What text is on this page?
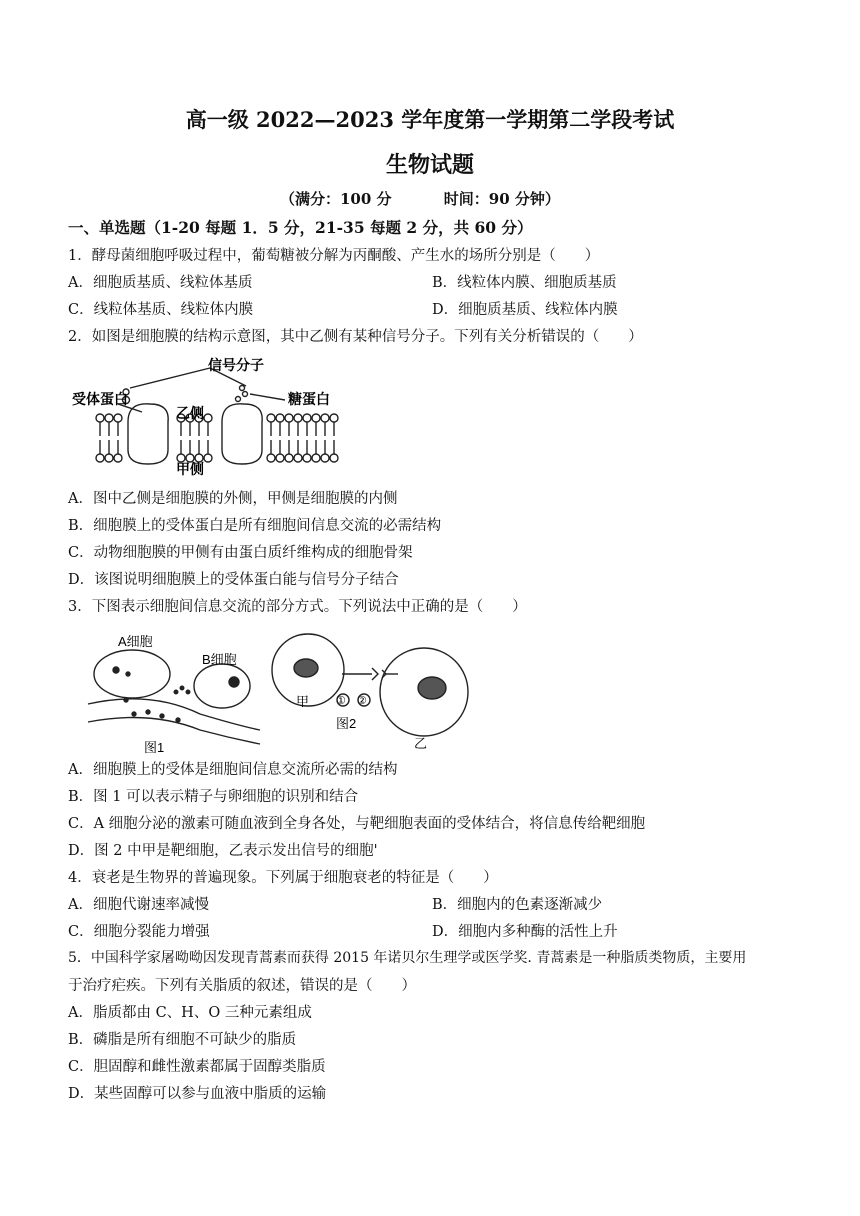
高一级 2022—2023 学年度第一学期第二学段考试
生物试题
（满分：100 分          时间：90 分钟）
一、单选题（1-20 每题 1．5 分，21-35 每题 2 分，共 60 分）
1．酵母菌细胞呼吸过程中，葡萄糖被分解为丙酮酸、产生水的场所分别是（　　）
A．细胞质基质、线粒体基质	B．线粒体内膜、细胞质基质
C．线粒体基质、线粒体内膜	D．细胞质基质、线粒体内膜
2．如图是细胞膜的结构示意图，其中乙侧有某种信号分子。下列有关分析错误的（　　）
信号分子
受体蛋白	糖蛋白
乙侧
甲侧
A．图中乙侧是细胞膜的外侧，甲侧是细胞膜的内侧
B．细胞膜上的受体蛋白是所有细胞间信息交流的必需结构
C．动物细胞膜的甲侧有由蛋白质纤维构成的细胞骨架
D．该图说明细胞膜上的受体蛋白能与信号分子结合
3．下图表示细胞间信息交流的部分方式。下列说法中正确的是（　　）
A细胞
B细胞
图1
甲 ① ②
图2
乙
A．细胞膜上的受体是细胞间信息交流所必需的结构
B．图 1 可以表示精子与卵细胞的识别和结合
C．A 细胞分泌的激素可随血液到全身各处，与靶细胞表面的受体结合，将信息传给靶细胞
D．图 2 中甲是靶细胞，乙表示发出信号的细胞'
4．衰老是生物界的普遍现象。下列属于细胞衰老的特征是（　　）
A．细胞代谢速率减慢	B．细胞内的色素逐渐减少
C．细胞分裂能力增强	D．细胞内多种酶的活性上升
5．中国科学家屠呦呦因发现青蒿素而获得 2015 年诺贝尔生理学或医学奖. 青蒿素是一种脂质类物质，主要用
于治疗疟疾。下列有关脂质的叙述，错误的是（　　）
A．脂质都由 C、H、O 三种元素组成
B．磷脂是所有细胞不可缺少的脂质
C．胆固醇和雌性激素都属于固醇类脂质
D．某些固醇可以参与血液中脂质的运输
